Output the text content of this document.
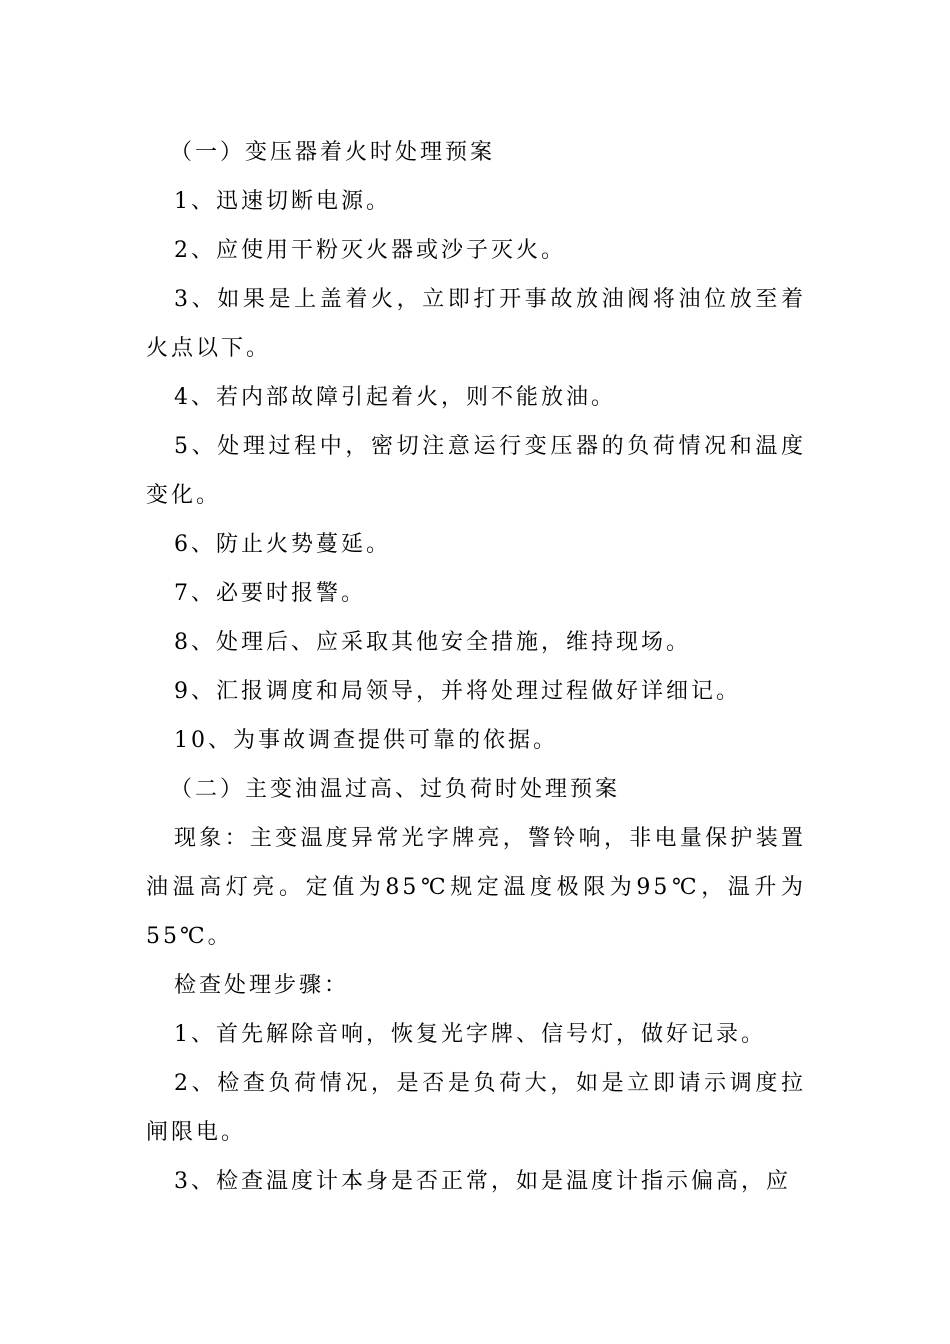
（一）变压器着火时处理预案

1、迅速切断电源。

2、应使用干粉灭火器或沙子灭火。

3、如果是上盖着火，立即打开事故放油阀将油位放至着火点以下。

4、若内部故障引起着火，则不能放油。

5、处理过程中，密切注意运行变压器的负荷情况和温度变化。

6、防止火势蔓延。

7、必要时报警。

8、处理后、应采取其他安全措施，维持现场。

9、汇报调度和局领导，并将处理过程做好详细记。

10、为事故调查提供可靠的依据。

（二）主变油温过高、过负荷时处理预案

现象：主变温度异常光字牌亮，警铃响，非电量保护装置油温高灯亮。定值为85℃规定温度极限为95℃，温升为55℃。

检查处理步骤：

1、首先解除音响，恢复光字牌、信号灯，做好记录。

2、检查负荷情况，是否是负荷大，如是立即请示调度拉闸限电。

3、检查温度计本身是否正常，如是温度计指示偏高，应
